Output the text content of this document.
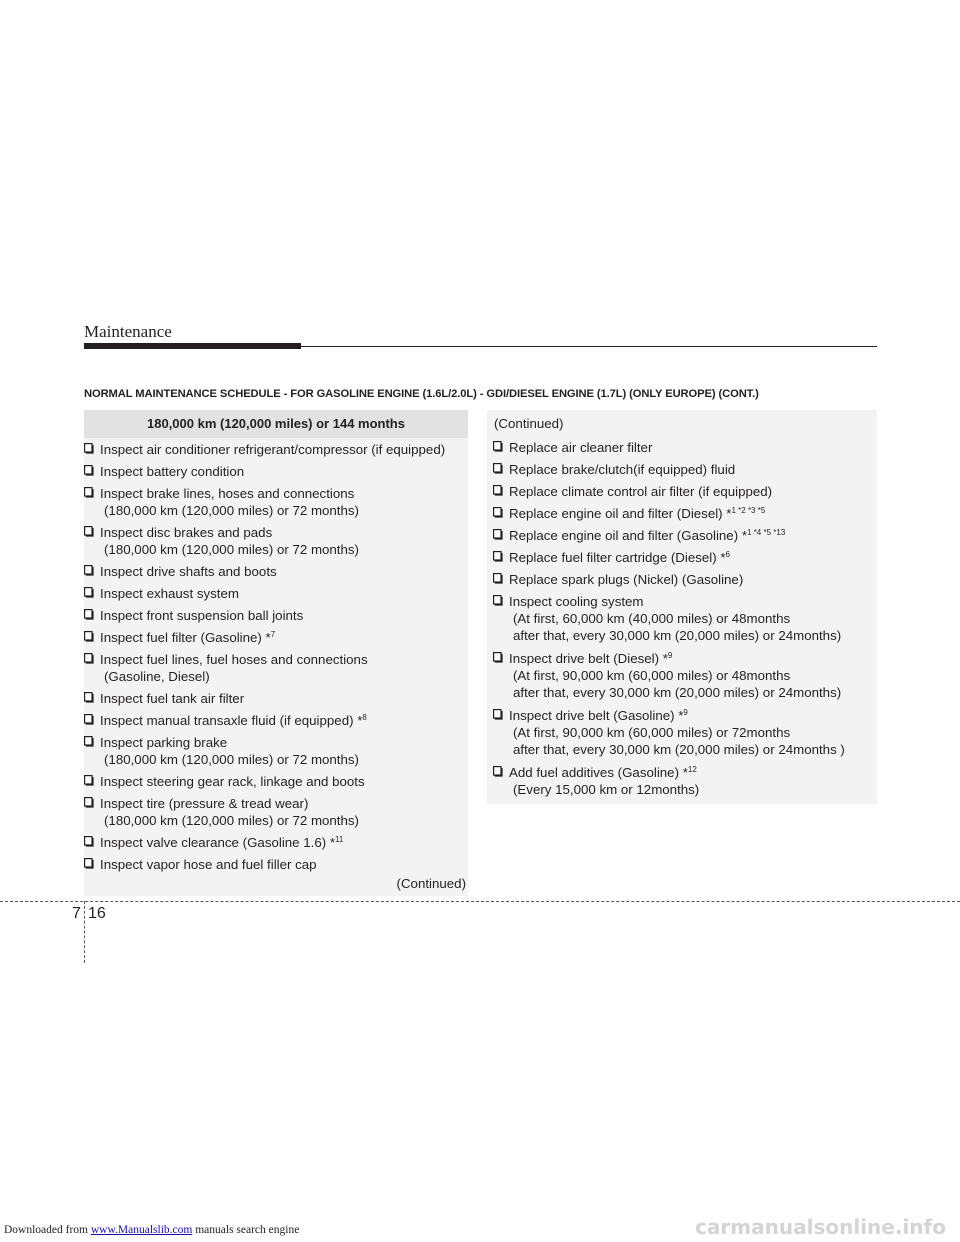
Maintenance
NORMAL MAINTENANCE SCHEDULE - FOR GASOLINE ENGINE (1.6L/2.0L) - GDI/DIESEL ENGINE (1.7L) (ONLY EUROPE) (CONT.)
180,000 km (120,000 miles) or 144 months	(Continued)
Inspect air conditioner refrigerant/compressor (if equipped)
Inspect battery condition
Inspect brake lines, hoses and connections
(180,000 km (120,000 miles) or 72 months)
Inspect disc brakes and pads
(180,000 km (120,000 miles) or 72 months)
Inspect drive shafts and boots
Inspect exhaust system
Inspect front suspension ball joints
Inspect fuel filter (Gasoline) *$^7$
Inspect fuel lines, fuel hoses and connections
(Gasoline, Diesel)
Inspect fuel tank air filter
Inspect manual transaxle fluid (if equipped) *$^8$
Inspect parking brake
(180,000 km (120,000 miles) or 72 months)
Inspect steering gear rack, linkage and boots
Inspect tire (pressure & tread wear)
(180,000 km (120,000 miles) or 72 months)
Inspect valve clearance (Gasoline 1.6) *$^{11}$
Inspect vapor hose and fuel filler cap
Replace air cleaner filter
Replace brake/clutch(if equipped) fluid
Replace climate control air filter (if equipped)
Replace engine oil and filter (Diesel) *$^{1 *2 *3 *5}$
Replace engine oil and filter (Gasoline) *$^{1 *4 *5 *13}$
Replace fuel filter cartridge (Diesel) *$^6$
Replace spark plugs (Nickel) (Gasoline)
Inspect cooling system
(At first, 60,000 km (40,000 miles) or 48months
after that, every 30,000 km (20,000 miles) or 24months)
Inspect drive belt (Diesel) *$^9$
(At first, 90,000 km (60,000 miles) or 48months
after that, every 30,000 km (20,000 miles) or 24months)
Inspect drive belt (Gasoline) *$^9$
(At first, 90,000 km (60,000 miles) or 72months
after that, every 30,000 km (20,000 miles) or 24months )
Add fuel additives (Gasoline) *$^{12}$
(Every 15,000 km or 12months)
(Continued)
7 16
Downloaded from www.Manualslib.com manuals search engine	carmanualsonline.info
